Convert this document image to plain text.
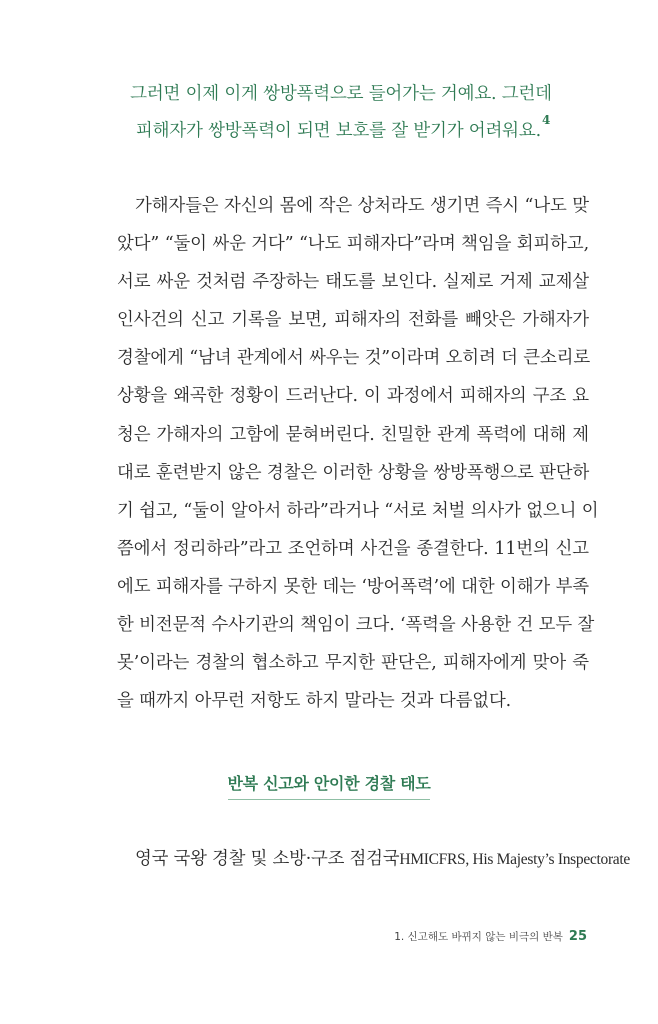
그러면 이제 이게 쌍방폭력으로 들어가는 거예요. 그런데
피해자가 쌍방폭력이 되면 보호를 잘 받기가 어려워요.$^4$
가해자들은 자신의 몸에 작은 상처라도 생기면 즉시 “나도 맞
았다” “둘이 싸운 거다” “나도 피해자다”라며 책임을 회피하고,
서로 싸운 것처럼 주장하는 태도를 보인다. 실제로 거제 교제살
인사건의 신고 기록을 보면, 피해자의 전화를 빼앗은 가해자가
경찰에게 “남녀 관계에서 싸우는 것”이라며 오히려 더 큰소리로
상황을 왜곡한 정황이 드러난다. 이 과정에서 피해자의 구조 요
청은 가해자의 고함에 묻혀버린다. 친밀한 관계 폭력에 대해 제
대로 훈련받지 않은 경찰은 이러한 상황을 쌍방폭행으로 판단하
기 쉽고, “둘이 알아서 하라”라거나 “서로 처벌 의사가 없으니 이
쯤에서 정리하라”라고 조언하며 사건을 종결한다. 11번의 신고
에도 피해자를 구하지 못한 데는 ‘방어폭력’에 대한 이해가 부족
한 비전문적 수사기관의 책임이 크다. ‘폭력을 사용한 건 모두 잘
못’이라는 경찰의 협소하고 무지한 판단은, 피해자에게 맞아 죽
을 때까지 아무런 저항도 하지 말라는 것과 다름없다.
반복 신고와 안이한 경찰 태도
영국 국왕 경찰 및 소방·구조 점검국HMICFRS, His Majesty’s Inspectorate
1. 신고해도 바뀌지 않는 비극의 반복 25
